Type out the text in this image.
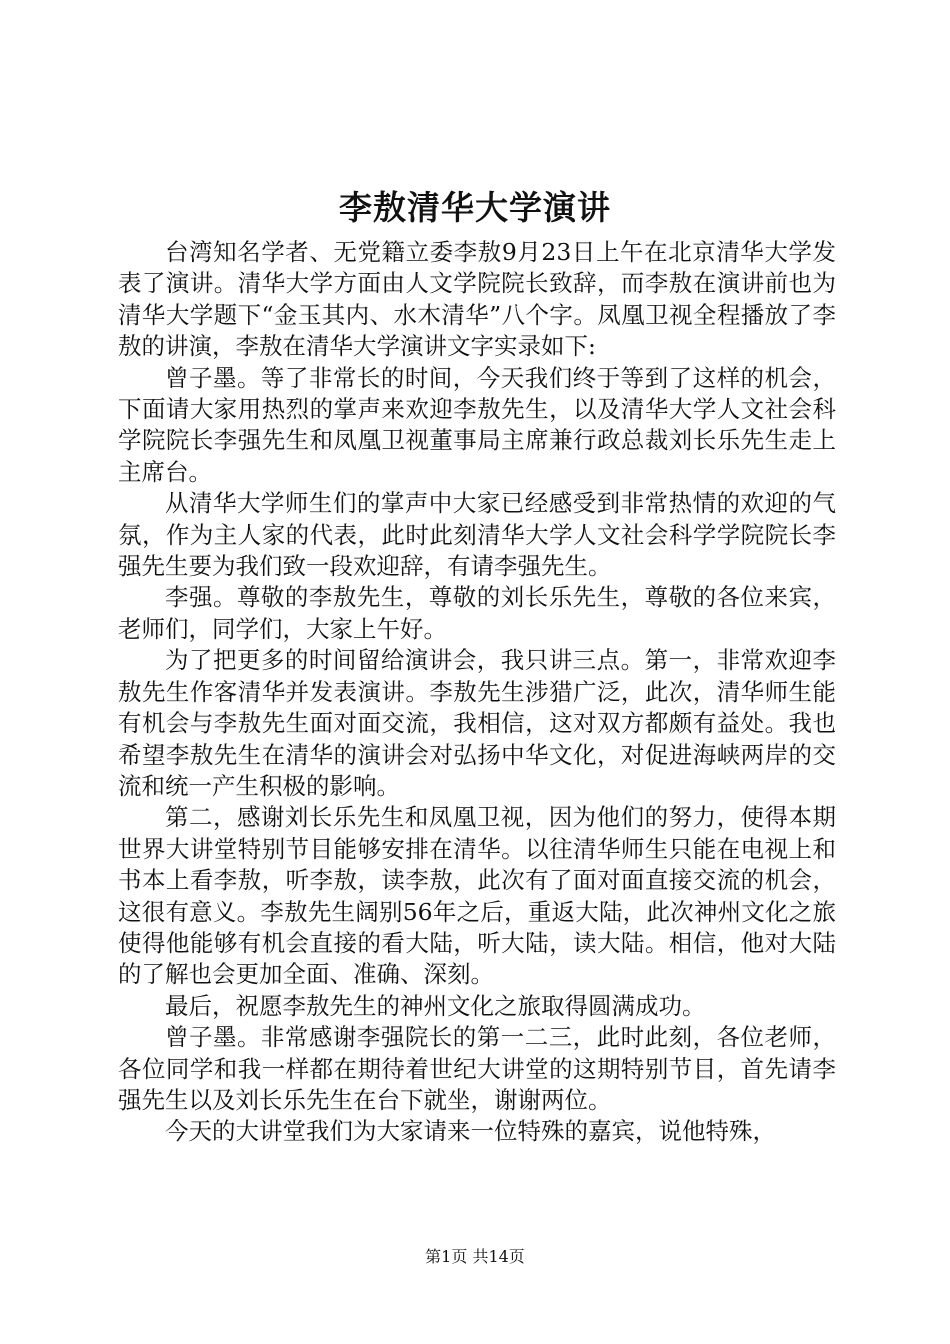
李敖清华大学演讲

台湾知名学者、无党籍立委李敖9月23日上午在北京清华大学发表了演讲。清华大学方面由人文学院院长致辞，而李敖在演讲前也为清华大学题下“金玉其内、水木清华”八个字。凤凰卫视全程播放了李敖的讲演，李敖在清华大学演讲文字实录如下:

曾子墨。等了非常长的时间，今天我们终于等到了这样的机会，下面请大家用热烈的掌声来欢迎李敖先生，以及清华大学人文社会科学院院长李强先生和凤凰卫视董事局主席兼行政总裁刘长乐先生走上主席台。

从清华大学师生们的掌声中大家已经感受到非常热情的欢迎的气氛，作为主人家的代表，此时此刻清华大学人文社会科学学院院长李强先生要为我们致一段欢迎辞，有请李强先生。

李强。尊敬的李敖先生，尊敬的刘长乐先生，尊敬的各位来宾，老师们，同学们，大家上午好。

为了把更多的时间留给演讲会，我只讲三点。第一，非常欢迎李敖先生作客清华并发表演讲。李敖先生涉猎广泛，此次，清华师生能有机会与李敖先生面对面交流，我相信，这对双方都颇有益处。我也希望李敖先生在清华的演讲会对弘扬中华文化，对促进海峡两岸的交流和统一产生积极的影响。

第二，感谢刘长乐先生和凤凰卫视，因为他们的努力，使得本期世界大讲堂特别节目能够安排在清华。以往清华师生只能在电视上和书本上看李敖，听李敖，读李敖，此次有了面对面直接交流的机会，这很有意义。李敖先生阔别56年之后，重返大陆，此次神州文化之旅使得他能够有机会直接的看大陆，听大陆，读大陆。相信，他对大陆的了解也会更加全面、准确、深刻。

最后，祝愿李敖先生的神州文化之旅取得圆满成功。

曾子墨。非常感谢李强院长的第一二三，此时此刻，各位老师，各位同学和我一样都在期待着世纪大讲堂的这期特别节目，首先请李强先生以及刘长乐先生在台下就坐，谢谢两位。

今天的大讲堂我们为大家请来一位特殊的嘉宾，说他特殊，

第1页 共14页
